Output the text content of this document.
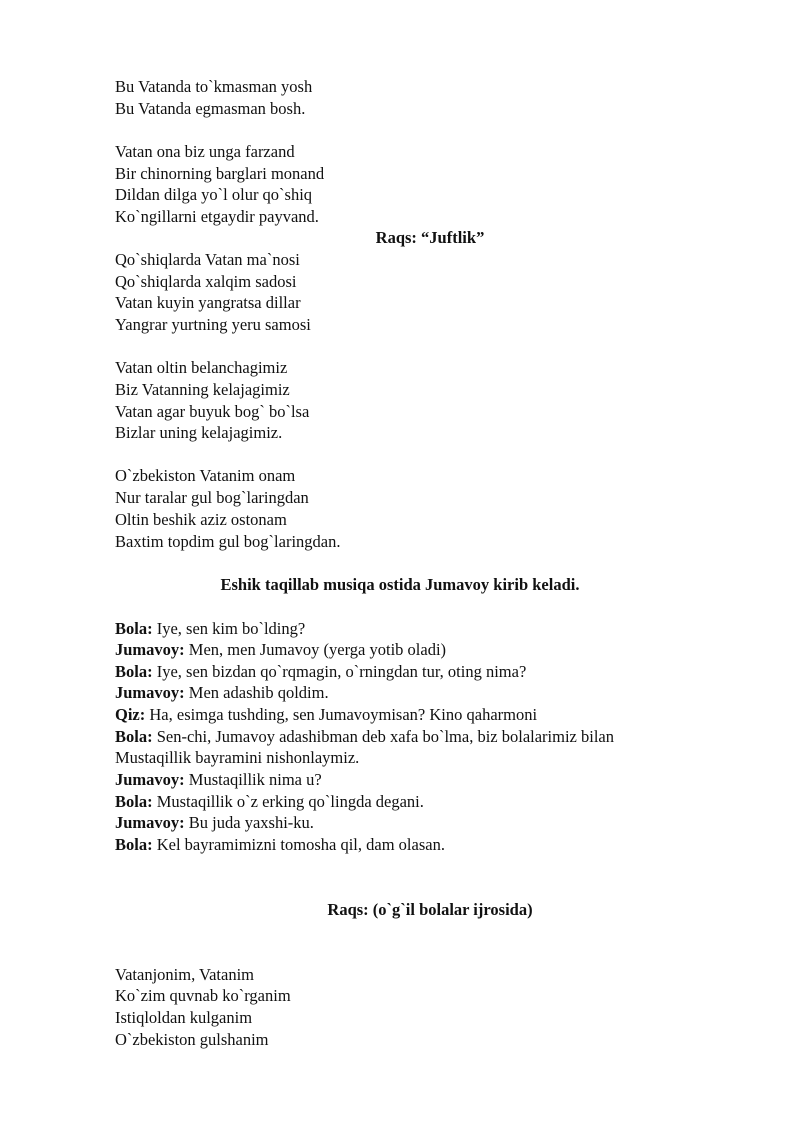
Bu Vatanda to`kmasman yosh
Bu Vatanda egmasman bosh.
Vatan ona biz unga farzand
Bir chinorning barglari monand
Dildan dilga yo`l olur qo`shiq
Ko`ngillarni etgaydir payvand.
Raqs: “Juftlik”
Qo`shiqlarda Vatan ma`nosi
Qo`shiqlarda xalqim sadosi
Vatan kuyin yangratsa dillar
Yangrar yurtning yeru samosi
Vatan oltin belanchagimiz
Biz Vatanning kelajagimiz
Vatan agar buyuk bog` bo`lsa
Bizlar uning kelajagimiz.
O`zbekiston Vatanim onam
Nur taralar gul bog`laringdan
Oltin beshik aziz ostonam
Baxtim topdim gul bog`laringdan.
Eshik taqillab musiqa ostida Jumavoy kirib keladi.
Bola: Iye, sen kim bo`lding?
Jumavoy: Men, men Jumavoy (yerga yotib oladi)
Bola: Iye, sen bizdan qo`rqmagin, o`rningdan tur, oting nima?
Jumavoy: Men adashib qoldim.
Qiz: Ha, esimga tushding, sen Jumavoymisan? Kino qaharmoni
Bola: Sen-chi, Jumavoy adashibman deb xafa bo`lma, biz bolalarimiz bilan
Mustaqillik bayramini nishonlaymiz.
Jumavoy: Mustaqillik nima u?
Bola: Mustaqillik o`z erking qo`lingda degani.
Jumavoy: Bu juda yaxshi-ku.
Bola: Kel bayramimizni tomosha qil, dam olasan.
Raqs: (o`g`il bolalar ijrosida)
Vatanjonim, Vatanim
Ko`zim quvnab ko`rganim
Istiqloldan kulganim
O`zbekiston gulshanim
